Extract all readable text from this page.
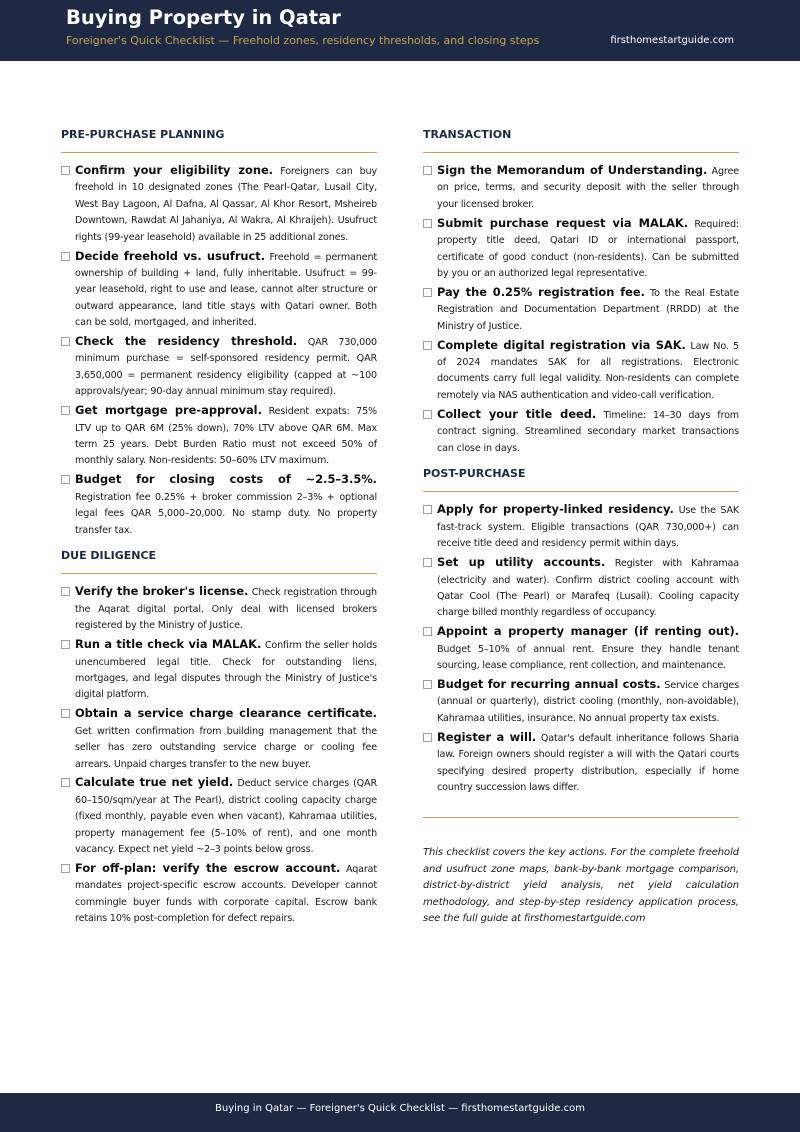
Buying Property in Qatar
Foreigner's Quick Checklist — Freehold zones, residency thresholds, and closing steps	firsthomestartguide.com
PRE-PURCHASE PLANNING
Confirm your eligibility zone. Foreigners can buy freehold in 10 designated zones (The Pearl-Qatar, Lusail City, West Bay Lagoon, Al Dafna, Al Qassar, Al Khor Resort, Msheireb Downtown, Rawdat Al Jahaniya, Al Wakra, Al Khraijeh). Usufruct rights (99-year leasehold) available in 25 additional zones.
Decide freehold vs. usufruct. Freehold = permanent ownership of building + land, fully inheritable. Usufruct = 99-year leasehold, right to use and lease, cannot alter structure or outward appearance, land title stays with Qatari owner. Both can be sold, mortgaged, and inherited.
Check the residency threshold. QAR 730,000 minimum purchase = self-sponsored residency permit. QAR 3,650,000 = permanent residency eligibility (capped at ~100 approvals/year; 90-day annual minimum stay required).
Get mortgage pre-approval. Resident expats: 75% LTV up to QAR 6M (25% down), 70% LTV above QAR 6M. Max term 25 years. Debt Burden Ratio must not exceed 50% of monthly salary. Non-residents: 50–60% LTV maximum.
Budget for closing costs of ~2.5–3.5%. Registration fee 0.25% + broker commission 2–3% + optional legal fees QAR 5,000–20,000. No stamp duty. No property transfer tax.
DUE DILIGENCE
Verify the broker's license. Check registration through the Aqarat digital portal. Only deal with licensed brokers registered by the Ministry of Justice.
Run a title check via MALAK. Confirm the seller holds unencumbered legal title. Check for outstanding liens, mortgages, and legal disputes through the Ministry of Justice's digital platform.
Obtain a service charge clearance certificate. Get written confirmation from building management that the seller has zero outstanding service charge or cooling fee arrears. Unpaid charges transfer to the new buyer.
Calculate true net yield. Deduct service charges (QAR 60–150/sqm/year at The Pearl), district cooling capacity charge (fixed monthly, payable even when vacant), Kahramaa utilities, property management fee (5–10% of rent), and one month vacancy. Expect net yield ~2–3 points below gross.
For off-plan: verify the escrow account. Aqarat mandates project-specific escrow accounts. Developer cannot commingle buyer funds with corporate capital. Escrow bank retains 10% post-completion for defect repairs.
TRANSACTION
Sign the Memorandum of Understanding. Agree on price, terms, and security deposit with the seller through your licensed broker.
Submit purchase request via MALAK. Required: property title deed, Qatari ID or international passport, certificate of good conduct (non-residents). Can be submitted by you or an authorized legal representative.
Pay the 0.25% registration fee. To the Real Estate Registration and Documentation Department (RRDD) at the Ministry of Justice.
Complete digital registration via SAK. Law No. 5 of 2024 mandates SAK for all registrations. Electronic documents carry full legal validity. Non-residents can complete remotely via NAS authentication and video-call verification.
Collect your title deed. Timeline: 14–30 days from contract signing. Streamlined secondary market transactions can close in days.
POST-PURCHASE
Apply for property-linked residency. Use the SAK fast-track system. Eligible transactions (QAR 730,000+) can receive title deed and residency permit within days.
Set up utility accounts. Register with Kahramaa (electricity and water). Confirm district cooling account with Qatar Cool (The Pearl) or Marafeq (Lusail). Cooling capacity charge billed monthly regardless of occupancy.
Appoint a property manager (if renting out). Budget 5–10% of annual rent. Ensure they handle tenant sourcing, lease compliance, rent collection, and maintenance.
Budget for recurring annual costs. Service charges (annual or quarterly), district cooling (monthly, non-avoidable), Kahramaa utilities, insurance. No annual property tax exists.
Register a will. Qatar's default inheritance follows Sharia law. Foreign owners should register a will with the Qatari courts specifying desired property distribution, especially if home country succession laws differ.
This checklist covers the key actions. For the complete freehold and usufruct zone maps, bank-by-bank mortgage comparison, district-by-district yield analysis, net yield calculation methodology, and step-by-step residency application process, see the full guide at firsthomestartguide.com
Buying in Qatar — Foreigner's Quick Checklist — firsthomestartguide.com
